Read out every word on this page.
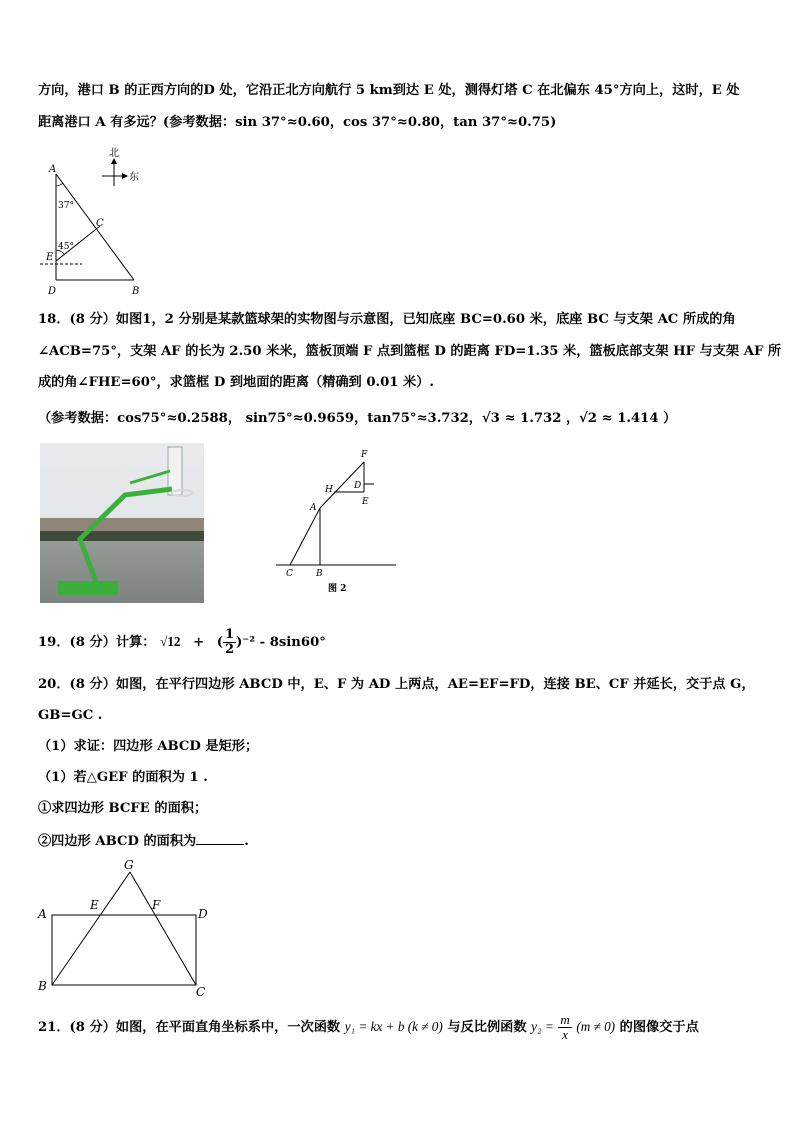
方向，港口 B 的正西方向的D 处，它沿正北方向航行 5 km到达 E 处，测得灯塔 C 在北偏东 45°方向上，这时，E 处
距离港口 A 有多远？(参考数据：sin 37°≈0.60，cos 37°≈0.80，tan 37°≈0.75)
北
东
A
37°
C
45°
E
D	B
18．(8 分）如图1，2 分别是某款篮球架的实物图与示意图，已知底座 BC=0.60 米，底座 BC 与支架 AC 所成的角
∠ACB=75°，支架 AF 的长为 2.50 米米，篮板顶端 F 点到篮框 D 的距离 FD=1.35 米，篮板底部支架 HF 与支架 AF 所
成的角∠FHE=60°，求篮框 D 到地面的距离（精确到 0.01 米）.
（参考数据：cos75°≈0.2588， sin75°≈0.9659，tan75°≈3.732，√3 ≈ 1.732 ，√2 ≈ 1.414 ）
F
D
H
E
A
C	B
图 2
19．(8 分）计算： √12 + ( $\frac{1}{2} )^{-2} - 8\sin 60^\circ$
20．(8 分）如图，在平行四边形 ABCD 中，E、F 为 AD 上两点，AE=EF=FD，连接 BE、CF 并延长，交于点 G，
GB=GC .
（1）求证：四边形 ABCD 是矩形；
（1）若△GEF 的面积为 1 .
①求四边形 BCFE 的面积；
②四边形 ABCD 的面积为	.
G
A
E	F
D
B	C
21．(8 分）如图，在平面直角坐标系中，一次函数 y₁ = kx + b (k ≠ 0) 与反比例函数 $y_2 = \frac{m}{x} (m \ne 0)$ 的图像交于点
